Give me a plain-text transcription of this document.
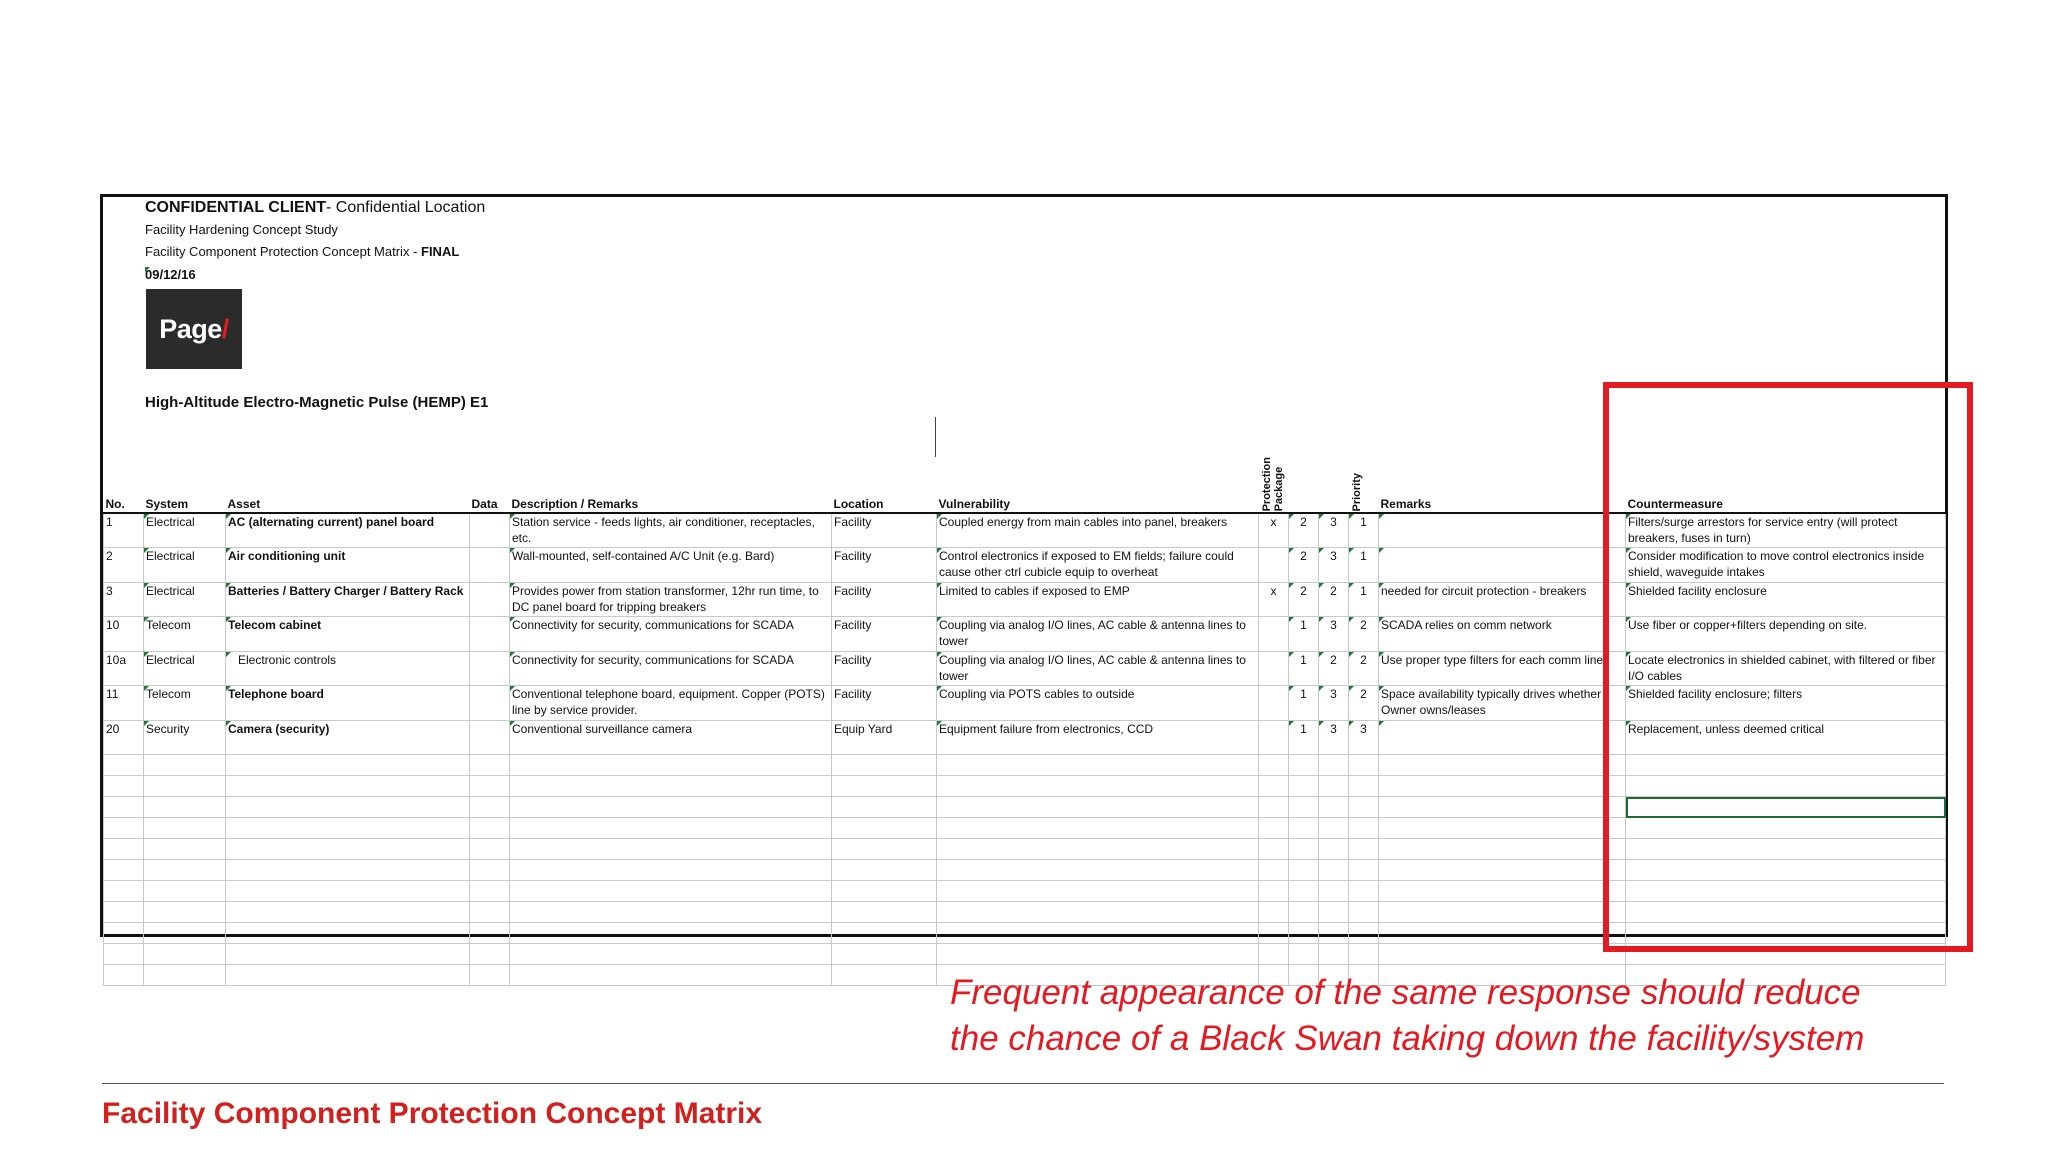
CONFIDENTIAL CLIENT- Confidential Location
Facility Hardening Concept Study
Facility Component Protection Concept Matrix - FINAL
09/12/16
Page /
High-Altitude Electro-Magnetic Pulse (HEMP) E1
No.	System	Asset	Data	Description / Remarks	Location	Vulnerability	Protection Package			Priority	Remarks	Countermeasure
1	Electrical	AC (alternating current) panel board		Station service - feeds lights, air conditioner, receptacles, etc.	Facility	Coupled energy from main cables into panel, breakers	x	2	3	1		Filters/surge arrestors for service entry (will protect breakers, fuses in turn)
2	Electrical	Air conditioning unit		Wall-mounted, self-contained A/C Unit (e.g. Bard)	Facility	Control electronics if exposed to EM fields; failure could cause other ctrl cubicle equip to overheat		2	3	1		Consider modification to move control electronics inside shield, waveguide intakes
3	Electrical	Batteries / Battery Charger / Battery Rack		Provides power from station transformer, 12hr run time, to DC panel board for tripping breakers	Facility	Limited to cables if exposed to EMP	x	2	2	1	needed for circuit protection - breakers	Shielded facility enclosure
10	Telecom	Telecom cabinet		Connectivity for security, communications for SCADA	Facility	Coupling via analog I/O lines, AC cable & antenna lines to tower		1	3	2	SCADA relies on comm network	Use fiber or copper+filters depending on site.
10a	Electrical	Electronic controls		Connectivity for security, communications for SCADA	Facility	Coupling via analog I/O lines, AC cable & antenna lines to tower		1	2	2	Use proper type filters for each comm line.	Locate electronics in shielded cabinet, with filtered or fiber I/O cables
11	Telecom	Telephone board		Conventional telephone board, equipment. Copper (POTS) line by service provider.	Facility	Coupling via POTS cables to outside		1	3	2	Space availability typically drives whether Owner owns/leases	Shielded facility enclosure; filters
20	Security	Camera (security)		Conventional surveillance camera	Equip Yard	Equipment failure from electronics, CCD		1	3	3		Replacement, unless deemed critical

Frequent appearance of the same response should reduce
the chance of a Black Swan taking down the facility/system
Facility Component Protection Concept Matrix
